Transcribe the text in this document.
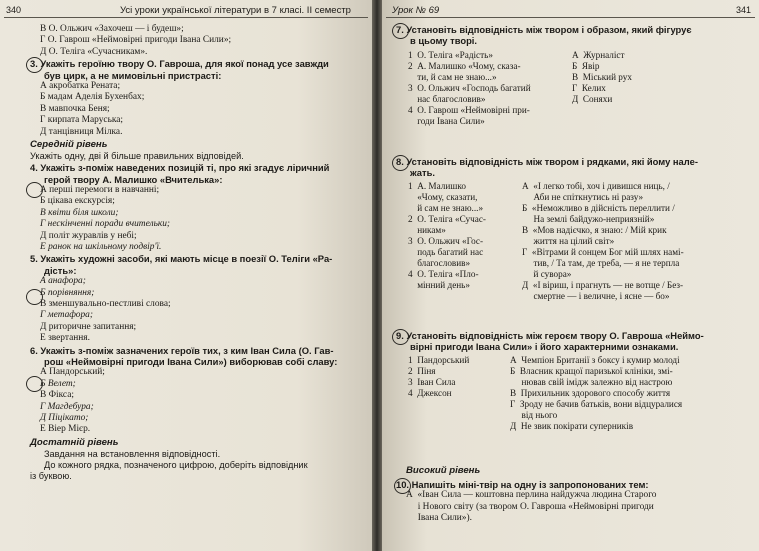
340	Усі уроки української літератури в 7 класі. II семестр
В О. Ольжич «Захочеш — і будеш»;
Г О. Гаврош «Неймовірні пригоди Івана Сили»;
Д О. Теліга «Сучасникам».
3. Укажіть героїню твору О. Гавроша, для якої понад усе завжди
був цирк, а не мимовільні пристрасті:
А акробатка Рената;
Б мадам Аделія Бухенбах;
В мавпочка Беня;
Г кирпата Маруська;
Д танцівниця Мілка.
Середній рівень
Укажіть одну, дві й більше правильних відповідей.
4. Укажіть з-поміж наведених позицій ті, про які згадує ліричний
герой твору А. Малишко «Вчителька»:
А перші перемоги в навчанні;
Б цікава екскурсія;
В квіти біля школи;
Г нескінченні поради вчительки;
Д політ журавлів у небі;
Е ранок на шкільному подвір'ї.
5. Укажіть художні засоби, які мають місце в поезії О. Теліги «Ра-
дість»:
А анафора;
Б порівняння;
В зменшувально-пестливі слова;
Г метафора;
Д риторичне запитання;
Е звертання.
6. Укажіть з-поміж зазначених героїв тих, з ким Іван Сила (О. Гав-
рош «Неймовірні пригоди Івана Сили») виборював собі славу:
А Пандорський;
Б Велет;
В Фікса;
Г Магдебура;
Д Піцікато;
Е Віер Мієр.
Достатній рівень
Завдання на встановлення відповідності.
До кожного рядка, позначеного цифрою, доберіть відповідник
із буквою.
Урок № 69	341
7. Установіть відповідність між твором і образом, який фігурує
в цьому творі.
1  О. Теліга «Радість»
2  А. Малишко «Чому, сказа-
ти, й сам не знаю...»
3  О. Ольжич «Господь багатий
нас благословив»
4  О. Гаврош «Неймовірні при-
годи Івана Сили»
А  Журналіст
Б  Явір
В  Міський рух
Г  Келих
Д  Соняхи
8. Установіть відповідність між твором і рядками, які йому нале-
жать.
1  А. Малишко
«Чому, сказати,
й сам не знаю...»
2  О. Теліга «Сучас-
никам»
3  О. Ольжич «Гос-
подь багатий нас
благословив»
4  О. Теліга «Пло-
мінний день»
А  «І легко тобі, хоч і дивишся ниць, /
Аби не спіткнутись ні разу»
Б  «Неможливо в дійсність переллити /
На землі байдужо-неприязній»
В  «Мов надієчко, я знаю: / Мій крик
життя на цілий світ»
Г  «Вітрами й сонцем Бог мій шлях намі-
тив, / Та там, де треба, — я не терпла
й сувора»
Д  «І віриш, і прагнуть — не вотще / Без-
смертне — і величне, і ясне — бо»
9. Установіть відповідність між героєм твору О. Гавроша «Неймо-
вірні пригоди Івана Сили» і його характерними ознаками.
1  Пандорський
2  Піня
3  Іван Сила
4  Джексон
А  Чемпіон Британії з боксу і кумир молоді
Б  Власник кращої паризької клініки, змі-
нював свій імідж залежно від настрою
В  Прихильник здорового способу життя
Г  Зроду не бачив батьків, вони відцуралися
від нього
Д  Не звик покірати суперників
Високий рівень
10. Напишіть міні-твір на одну із запропонованих тем:
А  «Іван Сила — коштовна перлина найдужча людина Старого
і Нового світу (за твором О. Гавроша «Неймовірні пригоди
Івана Сили»).
